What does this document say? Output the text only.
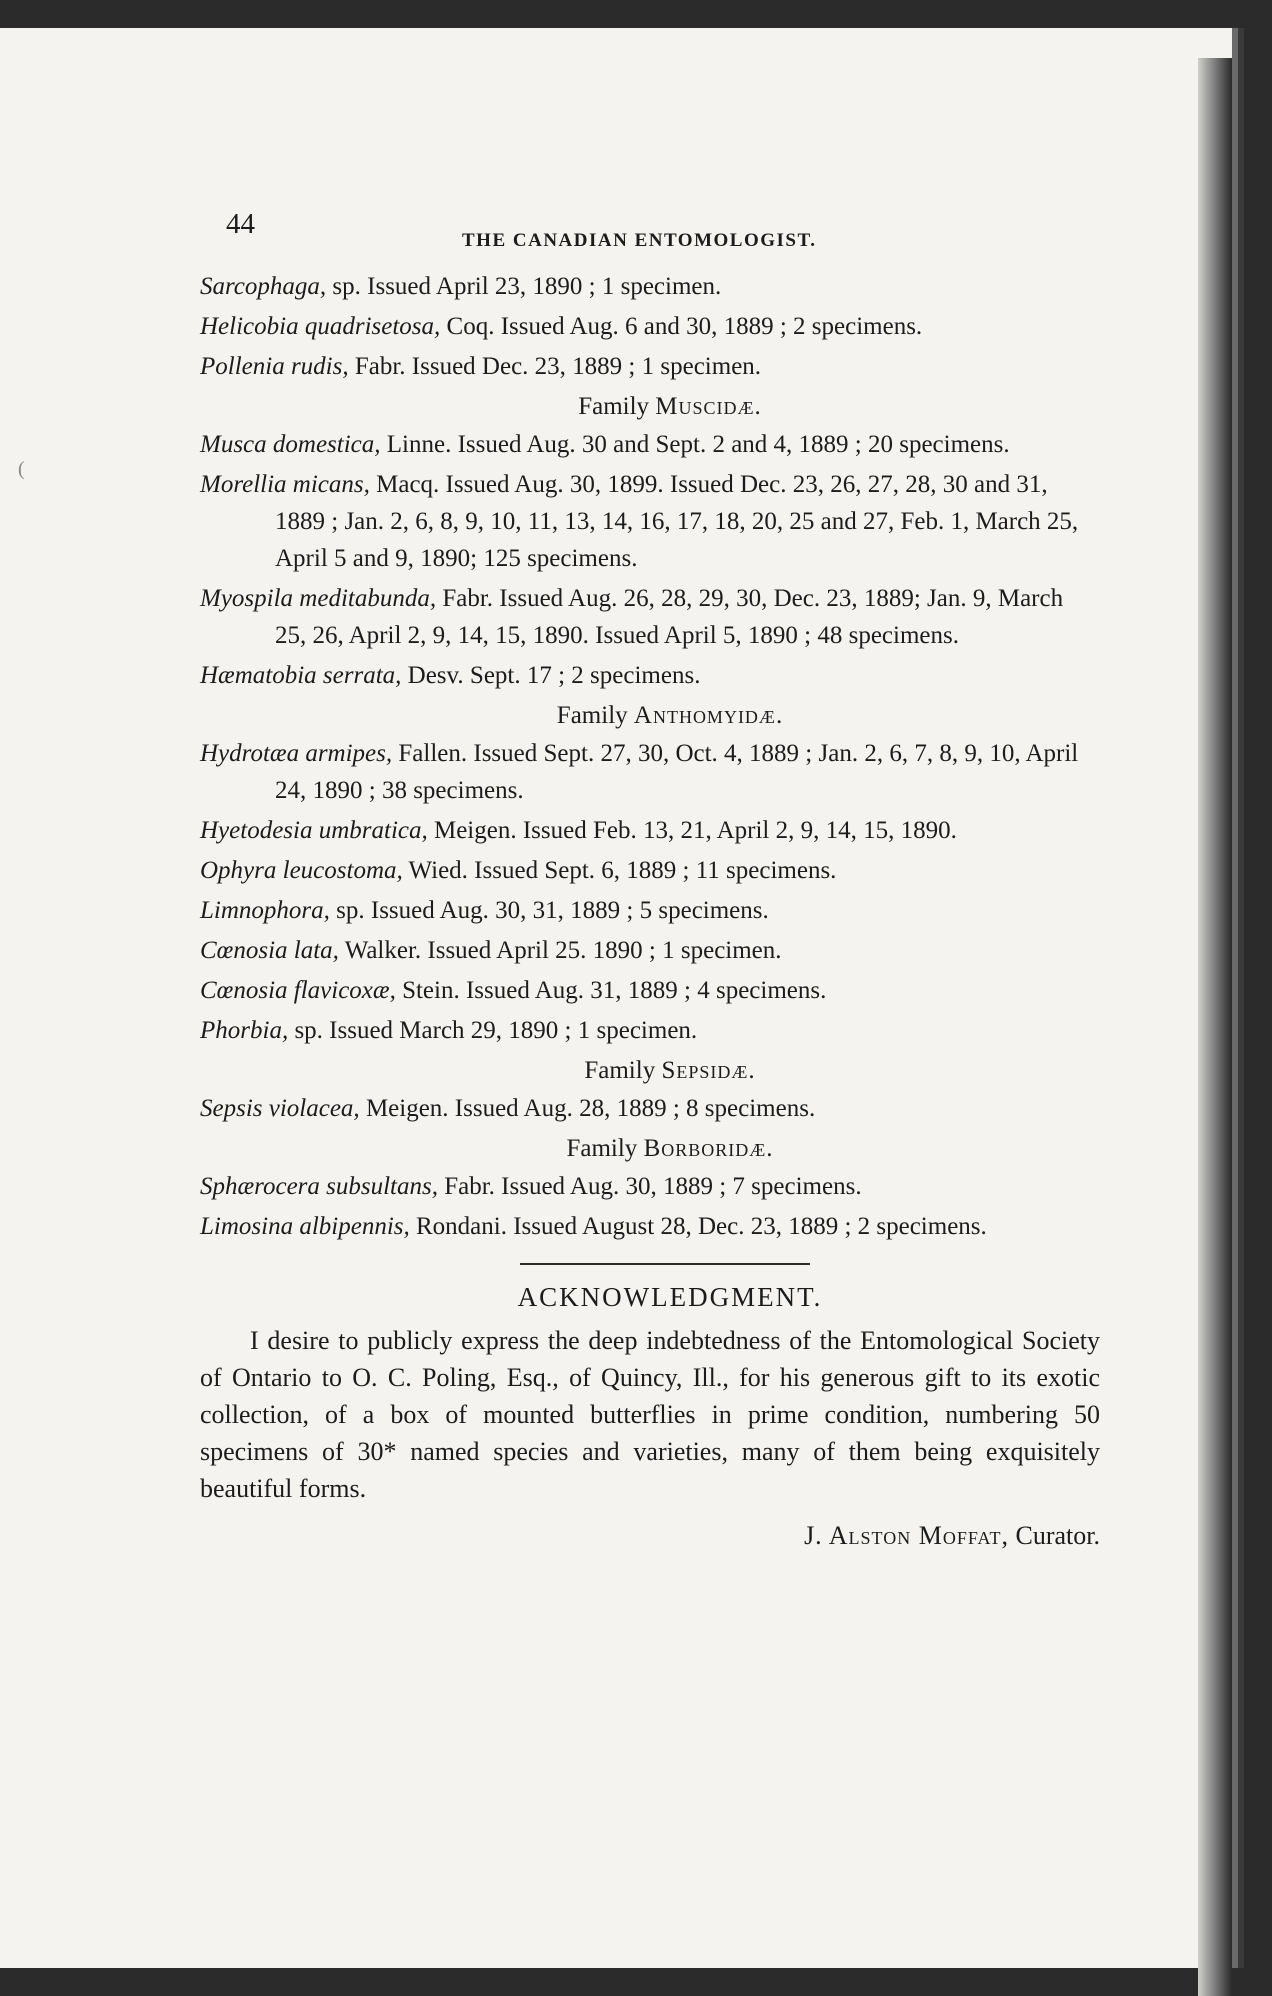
(
44
THE CANADIAN ENTOMOLOGIST.

Sarcophaga, sp. Issued April 23, 1890 ; 1 specimen.

Helicobia quadrisetosa, Coq. Issued Aug. 6 and 30, 1889 ; 2 specimens.

Pollenia rudis, Fabr. Issued Dec. 23, 1889 ; 1 specimen.

Family Muscidæ.

Musca domestica, Linne. Issued Aug. 30 and Sept. 2 and 4, 1889 ; 20 specimens.

Morellia micans, Macq. Issued Aug. 30, 1899. Issued Dec. 23, 26, 27, 28, 30 and 31, 1889 ; Jan. 2, 6, 8, 9, 10, 11, 13, 14, 16, 17, 18, 20, 25 and 27, Feb. 1, March 25, April 5 and 9, 1890; 125 specimens.

Myospila meditabunda, Fabr. Issued Aug. 26, 28, 29, 30, Dec. 23, 1889; Jan. 9, March 25, 26, April 2, 9, 14, 15, 1890. Issued April 5, 1890 ; 48 specimens.

Hæmatobia serrata, Desv. Sept. 17 ; 2 specimens.

Family Anthomyidæ.

Hydrotæa armipes, Fallen. Issued Sept. 27, 30, Oct. 4, 1889 ; Jan. 2, 6, 7, 8, 9, 10, April 24, 1890 ; 38 specimens.

Hyetodesia umbratica, Meigen. Issued Feb. 13, 21, April 2, 9, 14, 15, 1890.

Ophyra leucostoma, Wied. Issued Sept. 6, 1889 ; 11 specimens.

Limnophora, sp. Issued Aug. 30, 31, 1889 ; 5 specimens.

Cœnosia lata, Walker. Issued April 25. 1890 ; 1 specimen.

Cœnosia flavicoxæ, Stein. Issued Aug. 31, 1889 ; 4 specimens.

Phorbia, sp. Issued March 29, 1890 ; 1 specimen.

Family Sepsidæ.

Sepsis violacea, Meigen. Issued Aug. 28, 1889 ; 8 specimens.

Family Borboridæ.

Sphærocera subsultans, Fabr. Issued Aug. 30, 1889 ; 7 specimens.

Limosina albipennis, Rondani. Issued August 28, Dec. 23, 1889 ; 2 specimens.

ACKNOWLEDGMENT.

I desire to publicly express the deep indebtedness of the Entomological Society of Ontario to O. C. Poling, Esq., of Quincy, Ill., for his generous gift to its exotic collection, of a box of mounted butterflies in prime condition, numbering 50 specimens of 30* named species and varieties, many of them being exquisitely beautiful forms.

J. Alston Moffat, Curator.
